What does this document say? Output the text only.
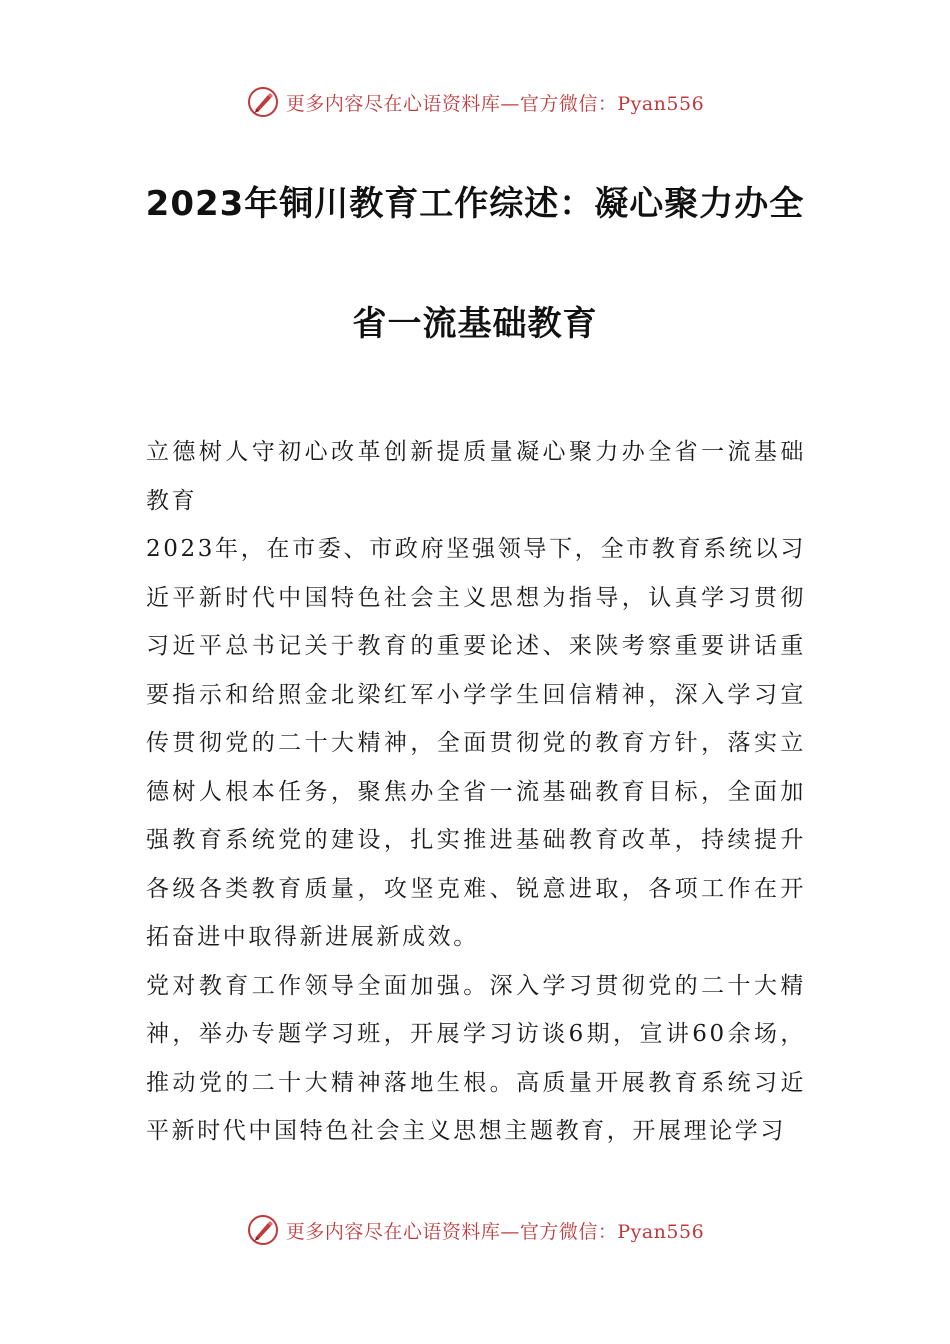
更多内容尽在心语资料库—官方微信：Pyan556
2023年铜川教育工作综述：凝心聚力办全
省一流基础教育

立德树人守初心改革创新提质量凝心聚力办全省一流基础教育

2023年，在市委、市政府坚强领导下，全市教育系统以习近平新时代中国特色社会主义思想为指导，认真学习贯彻习近平总书记关于教育的重要论述、来陕考察重要讲话重要指示和给照金北梁红军小学学生回信精神，深入学习宣传贯彻党的二十大精神，全面贯彻党的教育方针，落实立德树人根本任务，聚焦办全省一流基础教育目标，全面加强教育系统党的建设，扎实推进基础教育改革，持续提升各级各类教育质量，攻坚克难、锐意进取，各项工作在开拓奋进中取得新进展新成效。

党对教育工作领导全面加强。深入学习贯彻党的二十大精神，举办专题学习班，开展学习访谈6期，宣讲60余场，推动党的二十大精神落地生根。高质量开展教育系统习近平新时代中国特色社会主义思想主题教育，开展理论学习

更多内容尽在心语资料库—官方微信：Pyan556
